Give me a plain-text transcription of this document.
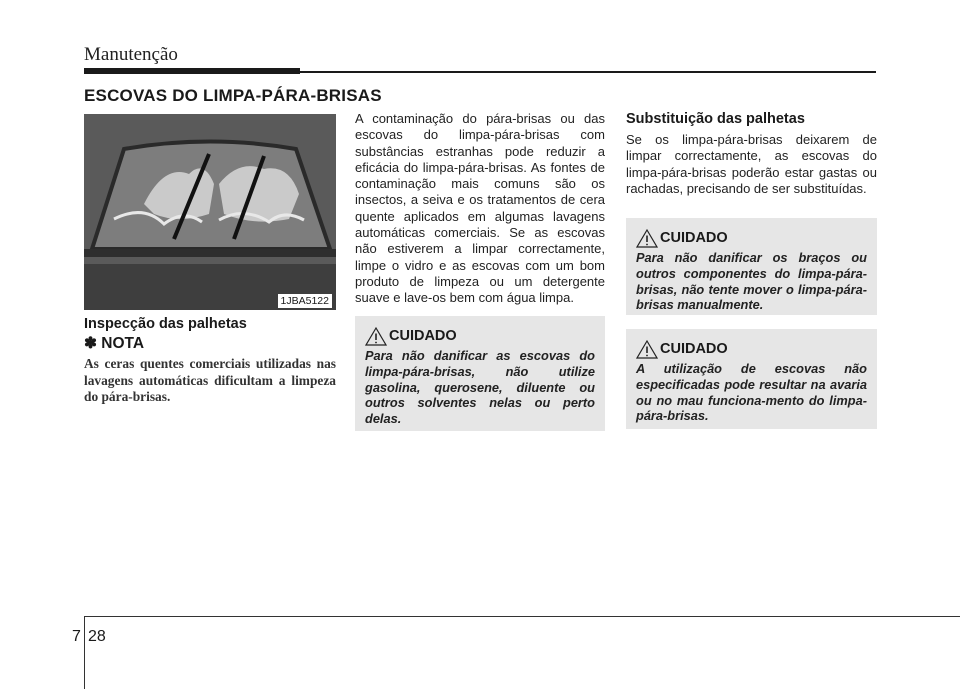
Manutenção
ESCOVAS DO LIMPA-PÁRA-BRISAS
1JBA5122
Inspecção das palhetas
✽ NOTA
As ceras quentes comerciais utilizadas nas lavagens automáticas dificultam a limpeza do pára-brisas.
A contaminação do pára-brisas ou das escovas do limpa-pára-brisas com substâncias estranhas pode reduzir a eficácia do limpa-pára-brisas. As fontes de contaminação mais comuns são os insectos, a seiva e os tratamentos de cera quente aplicados em algumas lavagens automáticas comerciais. Se as escovas não estiverem a limpar correctamente, limpe o vidro e as escovas com um bom produto de limpeza ou um detergente suave e lave-os bem com água limpa.
CUIDADO
Para não danificar as escovas do limpa-pára-brisas, não utilize gasolina, querosene, diluente ou outros solventes nelas ou perto delas.
Substituição das palhetas
Se os limpa-pára-brisas deixarem de limpar correctamente, as escovas do limpa-pára-brisas poderão estar gastas ou rachadas, precisando de ser substituídas.
CUIDADO
Para não danificar os braços ou outros componentes do limpa-pára-brisas, não tente mover o limpa-pára-brisas manualmente.
CUIDADO
A utilização de escovas não especificadas pode resultar na avaria ou no mau funciona-mento do limpa-pára-brisas.
7 28
